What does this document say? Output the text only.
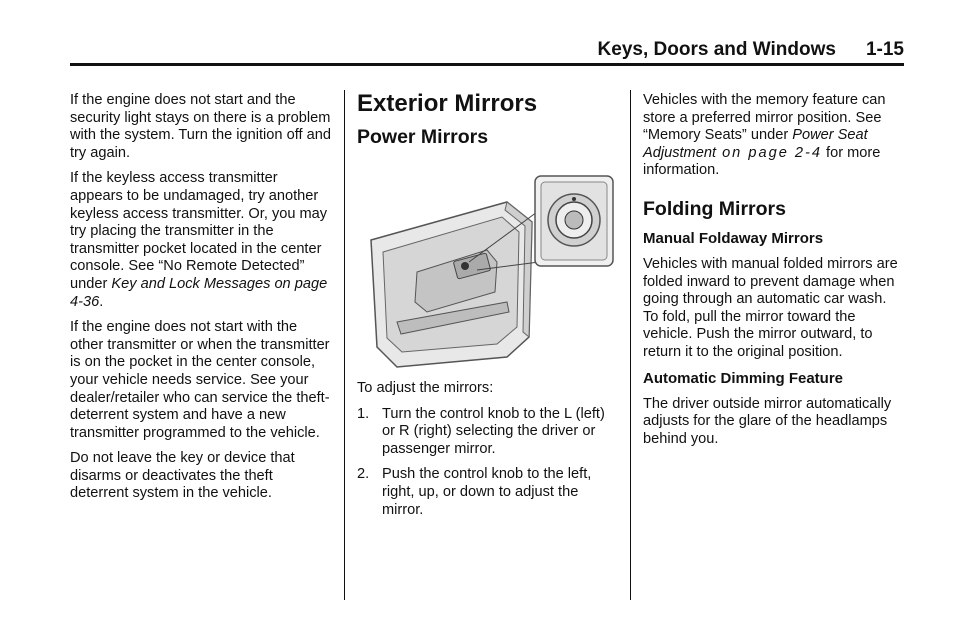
Keys, Doors and Windows 1-15

If the engine does not start and the security light stays on there is a problem with the system. Turn the ignition off and try again.

If the keyless access transmitter appears to be undamaged, try another keyless access transmitter. Or, you may try placing the transmitter in the transmitter pocket located in the center console. See “No Remote Detected” under Key and Lock Messages on page 4-36.

If the engine does not start with the other transmitter or when the transmitter is on the pocket in the center console, your vehicle needs service. See your dealer/retailer who can service the theft-deterrent system and have a new transmitter programmed to the vehicle.

Do not leave the key or device that disarms or deactivates the theft deterrent system in the vehicle.

Exterior Mirrors
Power Mirrors

To adjust the mirrors:

1. Turn the control knob to the L (left) or R (right) selecting the driver or passenger mirror.
2. Push the control knob to the left, right, up, or down to adjust the mirror.

Vehicles with the memory feature can store a preferred mirror position. See “Memory Seats” under Power Seat Adjustment on page 2-4 for more information.

Folding Mirrors
Manual Foldaway Mirrors

Vehicles with manual folded mirrors are folded inward to prevent damage when going through an automatic car wash. To fold, pull the mirror toward the vehicle. Push the mirror outward, to return it to the original position.

Automatic Dimming Feature

The driver outside mirror automatically adjusts for the glare of the headlamps behind you.
